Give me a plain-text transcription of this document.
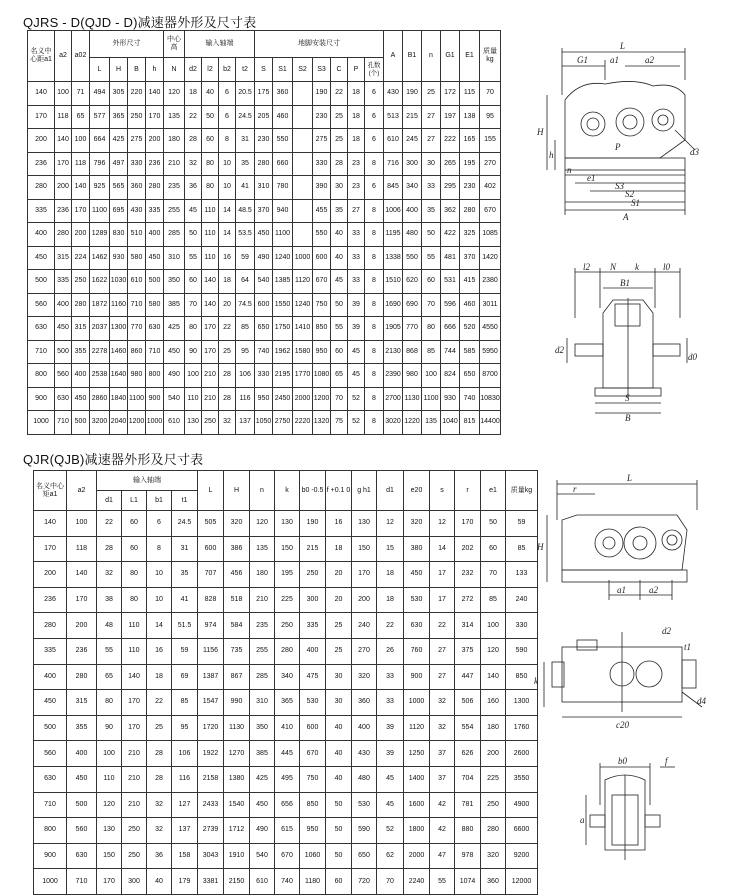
QJRS - D(QJD - D)减速器外形及尺寸表
名义中心距a1	a2	a02	外形尺寸				中心高	输入轴端				地脚安装尺寸							A	B1	n	G1	E1	质量kg
			L	H	B	h	N	d2	l2	b2	t2	S	S1	S2	S3	C	P	孔数(个)						
140	100	71	494	305	220	140	120	18	40	6	20.5	175	360		190	22	18	6	430	190	25	172	115	70
170	118	65	577	365	250	170	135	22	50	6	24.5	205	460		230	25	18	6	513	215	27	197	138	95
200	140	100	664	425	275	200	180	28	60	8	31	230	550		275	25	18	6	610	245	27	222	165	155
236	170	118	796	497	330	236	210	32	80	10	35	280	660		330	28	23	8	716	300	30	265	195	270
280	200	140	925	565	360	280	235	36	80	10	41	310	780		390	30	23	6	845	340	33	295	230	402
335	236	170	1100	695	430	335	255	45	110	14	48.5	370	940		455	35	27	8	1006	400	35	362	280	670
400	280	200	1289	830	510	400	285	50	110	14	53.5	450	1100		550	40	33	8	1195	480	50	422	325	1085
450	315	224	1462	930	580	450	310	55	110	16	59	490	1240	1000	600	40	33	8	1338	550	55	481	370	1420
500	335	250	1622	1030	610	500	350	60	140	18	64	540	1385	1120	670	45	33	8	1510	620	60	531	415	2380
560	400	280	1872	1160	710	580	385	70	140	20	74.5	600	1550	1240	750	50	39	8	1690	690	70	596	460	3011
630	450	315	2037	1300	770	630	425	80	170	22	85	650	1750	1410	850	55	39	8	1905	770	80	666	520	4550
710	500	355	2278	1460	860	710	450	90	170	25	95	740	1962	1580	950	60	45	8	2130	868	85	744	585	5950
800	560	400	2538	1640	980	800	490	100	210	28	106	330	2195	1770	1080	65	45	8	2390	980	100	824	650	8700
900	630	450	2860	1840	1100	900	540	110	210	28	116	950	2450	2000	1200	70	52	8	2700	1130	1100	930	740	10830
1000	710	500	3200	2040	1200	1000	610	130	250	32	137	1050	2750	2220	1320	75	52	8	3020	1220	135	1040	815	14400
QJR(QJB)减速器外形及尺寸表
名义中心矩a1	a2	输入轴端				L	H	n	k	b0 -0.5	f +0.1 0	g h1	d1	e20	s	r	e1	质量kg
		d1	L1	b1	t1													
140	100	22	60	6	24.5	505	320	120	130	190	16	130	12	320	12	170	50	59
170	118	28	60	8	31	600	386	135	150	215	18	150	15	380	14	202	60	85
200	140	32	80	10	35	707	456	180	195	250	20	170	18	450	17	232	70	133
236	170	38	80	10	41	828	518	210	225	300	20	200	18	530	17	272	85	240
280	200	48	110	14	51.5	974	584	235	250	335	25	240	22	630	22	314	100	330
335	236	55	110	16	59	1156	735	255	280	400	25	270	26	760	27	375	120	590
400	280	65	140	18	69	1387	867	285	340	475	30	320	33	900	27	447	140	850
450	315	80	170	22	85	1547	990	310	365	530	30	360	33	1000	32	506	160	1300
500	355	90	170	25	95	1720	1130	350	410	600	40	400	39	1120	32	554	180	1760
560	400	100	210	28	106	1922	1270	385	445	670	40	430	39	1250	37	626	200	2600
630	450	110	210	28	116	2158	1380	425	495	750	40	480	45	1400	37	704	225	3550
710	500	120	210	32	127	2433	1540	450	656	850	50	530	45	1600	42	781	250	4900
800	560	130	250	32	137	2739	1712	490	615	950	50	590	52	1800	42	880	280	6600
900	630	150	250	36	158	3043	1910	540	670	1060	50	650	62	2000	47	978	320	9200
1000	710	170	300	40	179	3381	2150	610	740	1180	60	720	70	2240	55	1074	360	12000
L
G1 a1	a2
H
h
n
e1
S3
S2
S1
A
P	d3
l2 N k	l0
B1
d2
d0
S
B
L
r
H
a1	a2
d2
t1
k
d4
c20
b0	f
a
